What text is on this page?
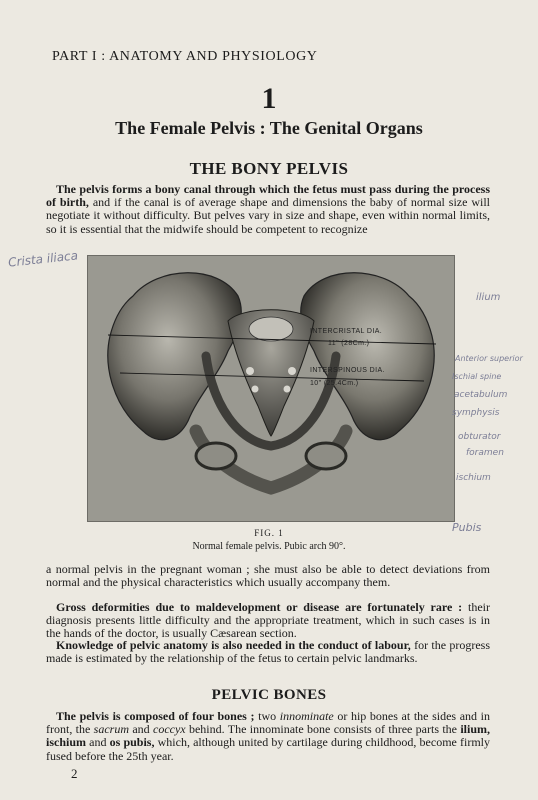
PART I : ANATOMY AND PHYSIOLOGY
1
The Female Pelvis : The Genital Organs
THE BONY PELVIS

The pelvis forms a bony canal through which the fetus must pass during the process of birth, and if the canal is of average shape and dimensions the baby of normal size will negotiate it without difficulty. But pelves vary in size and shape, even within normal limits, so it is essential that the midwife should be competent to recognize

INTERCRISTAL DIA.
11" (28Cm.)
INTERSPINOUS DIA.
10" (25.4Cm.)
FIG. 1
Normal female pelvis. Pubic arch 90°.

a normal pelvis in the pregnant woman ; she must also be able to detect deviations from normal and the physical characteristics which usually accompany them.

Gross deformities due to maldevelopment or disease are fortunately rare : their diagnosis presents little difficulty and the appropriate treatment, which in such cases is in the hands of the doctor, is usually Cæsarean section.

Knowledge of pelvic anatomy is also needed in the conduct of labour, for the progress made is estimated by the relationship of the fetus to certain pelvic landmarks.

PELVIC BONES

The pelvis is composed of four bones ; two innominate or hip bones at the sides and in front, the sacrum and coccyx behind. The innominate bone consists of three parts the ilium, ischium and os pubis, which, although united by cartilage during childhood, become firmly fused before the 25th year.

2
Crista iliaca
ilium
Anterior superior
Ischial spine
acetabulum
symphysis
obturator
foramen
ischium
Pubis
